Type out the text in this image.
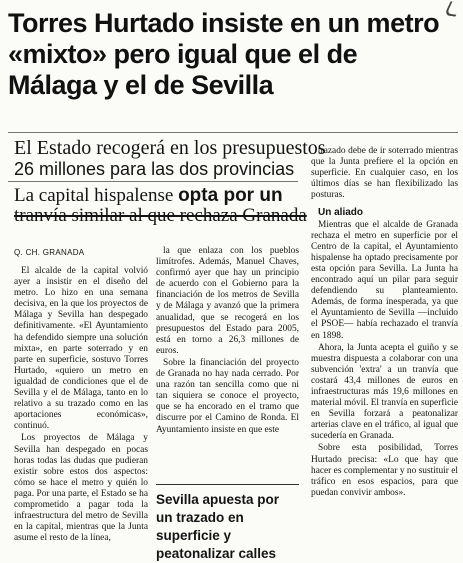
Torres Hurtado insiste en un metro «mixto» pero igual que el de Málaga y el de Sevilla
El Estado recogerá en los presupuestos
26 millones para las dos provincias

La capital hispalense opta por un
tranvía similar al que rechaza Granada

Q. CH. GRANADA

El alcalde de la capital volvió ayer a insistir en el diseño del metro. Lo hizo en una semana decisiva, en la que los proyectos de Málaga y Sevilla han despegado definitivamente. «El Ayuntamiento ha defendido siempre una solución mixta», en parte soterrado y en parte en superficie, sostuvo Torres Hurtado, «quiero un metro en igualdad de condiciones que el de Sevilla y el de Málaga, tanto en lo relativo a su trazado como en las aportaciones económicas», continuó.

Los proyectos de Málaga y Sevilla han despegado en pocas horas todas las dudas que pudieran existir sobre estos dos aspectos: cómo se hace el metro y quién lo paga. Por una parte, el Estado se ha comprometido a pagar toda la infraestructura del metro de Sevilla en la capital, mientras que la Junta asume el resto de la línea,

la que enlaza con los pueblos limítrofes. Además, Manuel Chaves, confirmó ayer que hay un principio de acuerdo con el Gobierno para la financiación de los metros de Sevilla y de Málaga y avanzó que la primera anualidad, que se recogerá en los presupuestos del Estado para 2005, está en torno a 26,3 millones de euros.

Sobre la financiación del proyecto de Granada no hay nada cerrado. Por una razón tan sencilla como que ni tan siquiera se conoce el proyecto, que se ha encorado en el tramo que discurre por el Camino de Ronda. El Ayuntamiento insiste en que este

Sevilla apuesta por un trazado en superficie y peatonalizar calles

trazado debe de ir soterrado mientras que la Junta prefiere el la opción en superficie. En cualquier caso, en los últimos días se han flexibilizado las posturas.

Un aliado

Mientras que el alcalde de Granada rechaza el metro en superficie por el Centro de la capital, el Ayuntamiento hispalense ha optado precisamente por esta opción para Sevilla. La Junta ha encontrado aquí un pilar para seguir defendiendo su planteamiento. Además, de forma inesperada, ya que el Ayuntamiento de Sevilla —incluido el PSOE— había rechazado el tranvía en 1898.

Ahora, la Junta acepta el guiño y se muestra dispuesta a colaborar con una subvención 'extra' a un tranvía que costará 43,4 millones de euros en infraestructuras más 19,6 millones en material móvil. El tranvía en superficie en Sevilla forzará a peatonalizar arterias clave en el tráfico, al igual que sucedería en Granada.

Sobre esta posibilidad, Torres Hurtado precisa: «Lo que hay que hacer es complementar y no sustituir el tráfico en esos espacios, para que puedan convivir ambos».
